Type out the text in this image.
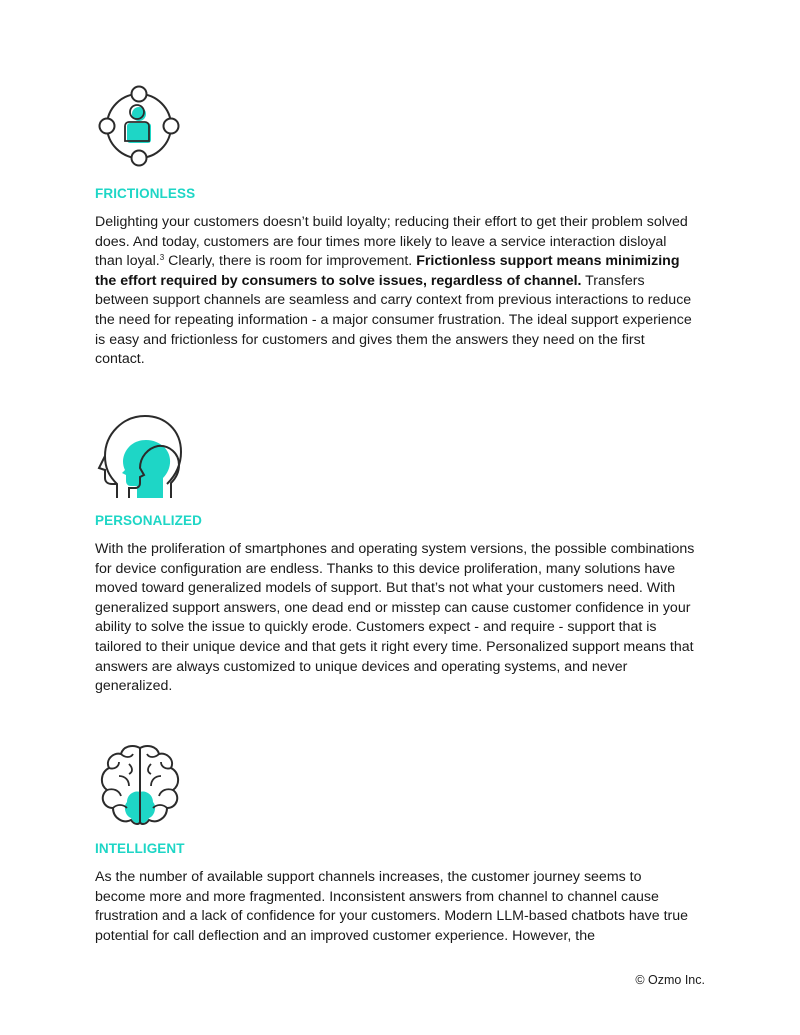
FRICTIONLESS

Delighting your customers doesn’t build loyalty; reducing their effort to get their problem solved does. And today, customers are four times more likely to leave a service interaction disloyal than loyal.$^3$ Clearly, there is room for improvement. Frictionless support means minimizing the effort required by consumers to solve issues, regardless of channel. Transfers between support channels are seamless and carry context from previous interactions to reduce the need for repeating information - a major consumer frustration. The ideal support experience is easy and frictionless for customers and gives them the answers they need on the first contact.

PERSONALIZED

With the proliferation of smartphones and operating system versions, the possible combinations for device configuration are endless. Thanks to this device proliferation, many solutions have moved toward generalized models of support. But that’s not what your customers need. With generalized support answers, one dead end or misstep can cause customer confidence in your ability to solve the issue to quickly erode. Customers expect - and require - support that is tailored to their unique device and that gets it right every time. Personalized support means that answers are always customized to unique devices and operating systems, and never generalized.

INTELLIGENT

As the number of available support channels increases, the customer journey seems to become more and more fragmented. Inconsistent answers from channel to channel cause frustration and a lack of confidence for your customers. Modern LLM-based chatbots have true potential for call deflection and an improved customer experience. However, the

© Ozmo Inc.
